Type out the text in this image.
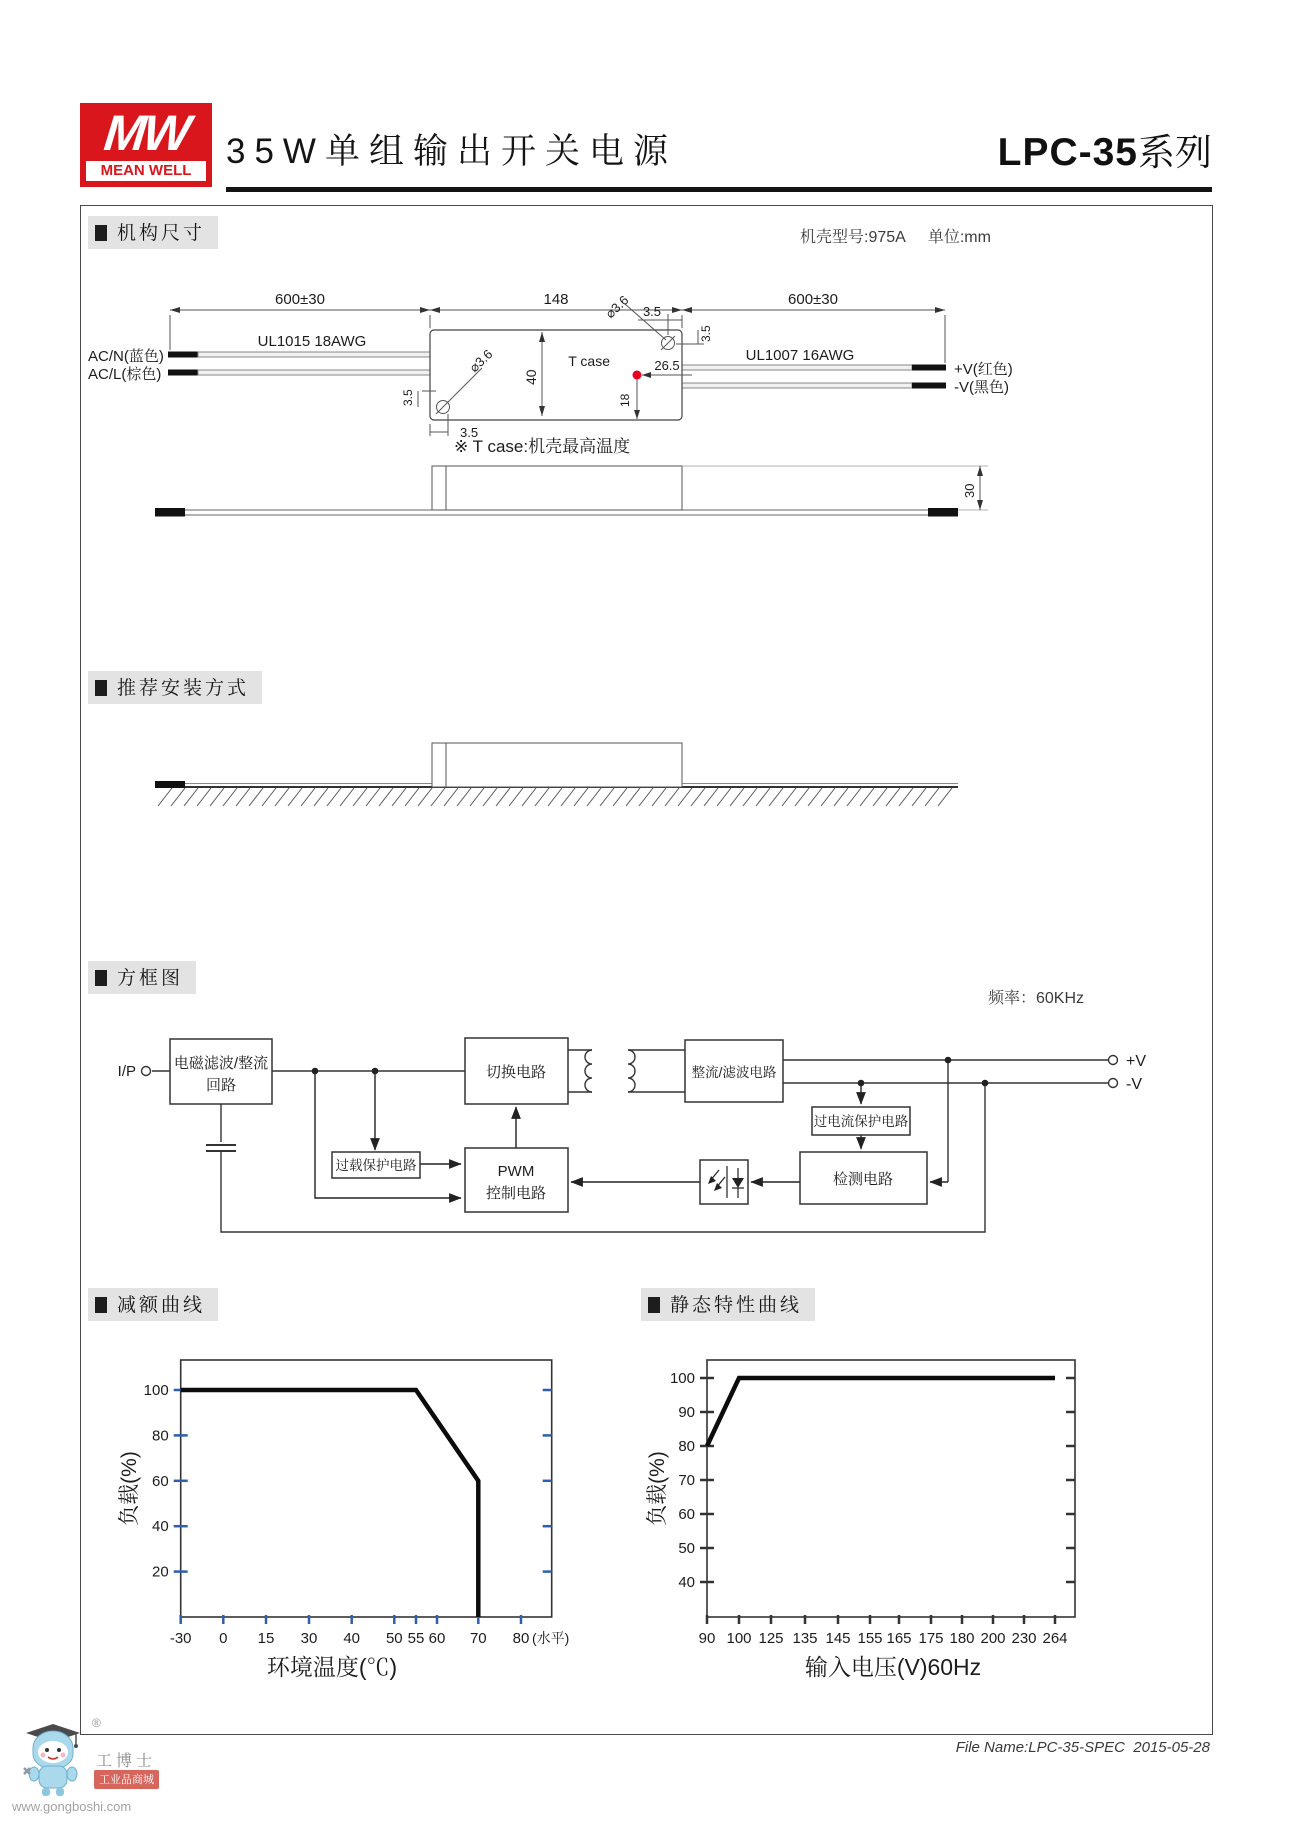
MW
MEAN WELL 35W单组输出开关电源	LPC-35系列
机构尺寸	机壳型号:975A 单位:mm
600±30	148	600±30
AC/N(蓝色)
AC/L(棕色)
UL1015 18AWG
UL1007 16AWG
+V(红色)
-V(黑色)
40
⌀3.6 3.5
3.5
T case	26.5
18
⌀3.6
3.5
3.5
※ T case:机壳最高温度
30
推荐安装方式
方框图
频率：60KHz
I/P	电磁滤波/整流
回路
过载保护电路	PWM
控制电路
切换电路	整流/滤波电路
过电流保护电路
检测电路
+V
-V
减额曲线	静态特性曲线
20
40
60
80
100
-30 0 15 30 40 50 55 60 70 80 (水平)
负载(%)
环境温度(℃)
40
50
60
70
80
90
100
90 100 125 135 145 155 165 175 180 200 230 264
负载(%)
输入电压(V)60Hz
File Name:LPC-35-SPEC  2015-05-28
®
工博士
工业品商城
www.gongboshi.com
